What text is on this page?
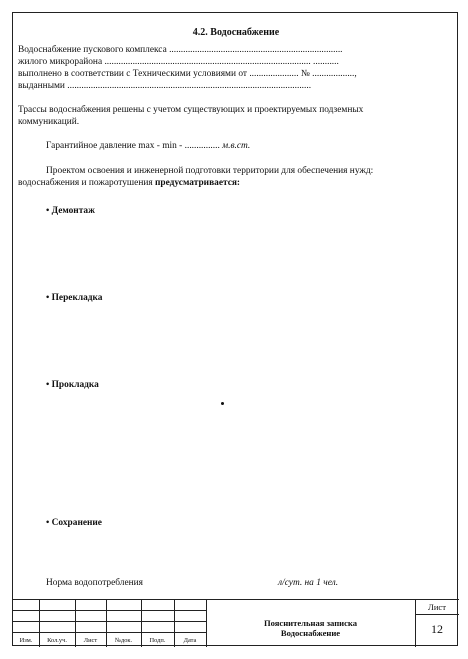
4.2. Водоснабжение
Водоснабжение пускового комплекса ..........................................................................
жилого микрорайона ........................................................................................ ...........
выполнено в соответствии с Техническими условиями от ..................... № ..................,
выданными ........................................................................................................
Трассы водоснабжения решены с учетом существующих и проектируемых подземных
коммуникаций.
Гарантийное давление max - min - ............... м.в.ст.
Проектом освоения и инженерной подготовки территории для обеспечения нужд:
водоснабжения и пожаротушения предусматривается:
• Демонтаж
• Перекладка
• Прокладка
• Сохранение
Норма водопотребления	л/сут. на 1 чел.
Изм.	Кол.уч.	Лист	№док.	Подп.	Дата
Пояснительная записка
Водоснабжение
Лист
12
